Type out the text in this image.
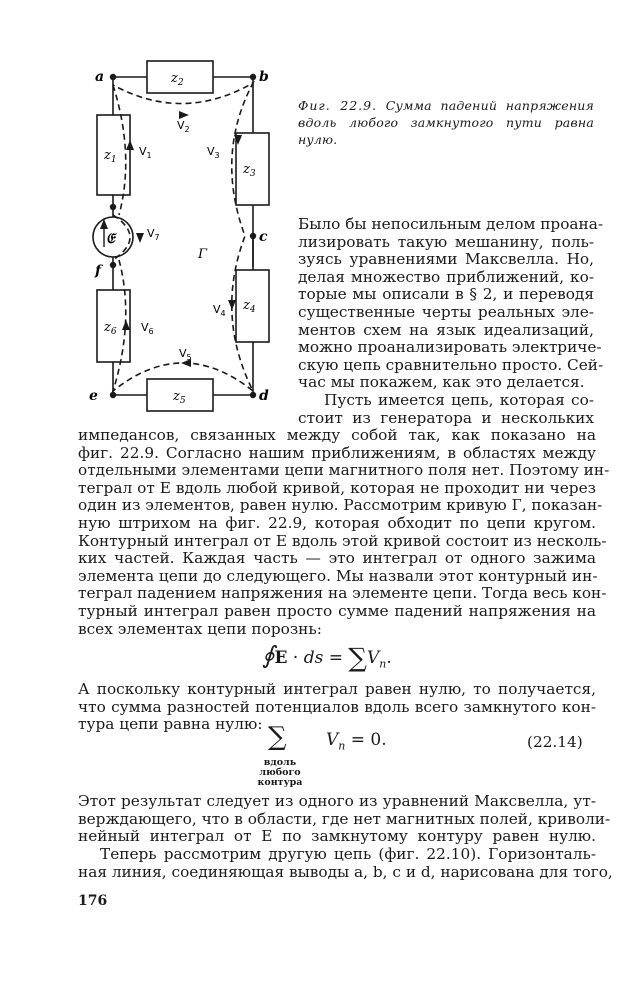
a	b
c
d
e
f
$z_2$
$z_1$
$z_3$
$z_4$
$z_5$
$z_6$
𝔈
$V_1$
$V_2$
$V_3$
$V_4$
$V_5$
$V_6$
$V_7$
Γ
Фиг. 22.9. Сумма падений напряжения вдоль любого замкнутого пути равна нулю.
Было бы непосильным делом проана-
лизировать такую мешанину, поль-
зуясь уравнениями Максвелла. Но,
делая множество приближений, ко-
торые мы описали в § 2, и переводя
существенные черты реальных эле-
ментов схем на язык идеализаций,
можно проанализировать электриче-
скую цепь сравнительно просто. Сей-
час мы покажем, как это делается.
Пусть имеется цепь, которая со-
стоит из генератора и нескольких
импедансов, связанных между собой так, как показано на
фиг. 22.9. Согласно нашим приближениям, в областях между
отдельными элементами цепи магнитного поля нет. Поэтому ин-
теграл от E вдоль любой кривой, которая не проходит ни через
один из элементов, равен нулю. Рассмотрим кривую Г, показан-
ную штрихом на фиг. 22.9, которая обходит по цепи кругом.
Контурный интеграл от E вдоль этой кривой состоит из несколь-
ких частей. Каждая часть — это интеграл от одного зажима
элемента цепи до следующего. Мы назвали этот контурный ин-
теграл падением напряжения на элементе цепи. Тогда весь кон-
турный интеграл равен просто сумме падений напряжения на
всех элементах цепи порознь:
∮E · ds = $\sum V_n$.
А поскольку контурный интеграл равен нулю, то получается,
что сумма разностей потенциалов вдоль всего замкнутого кон-
тура цепи равна нулю: ∑
вдоль
любого
контура
$V_n = 0$.	(22.14)
Этот результат следует из одного из уравнений Максвелла, ут-
верждающего, что в области, где нет магнитных полей, криволи-
нейный интеграл от E по замкнутому контуру равен нулю.
Теперь рассмотрим другую цепь (фиг. 22.10). Горизонталь-
ная линия, соединяющая выводы a, b, c и d, нарисована для того,
176
